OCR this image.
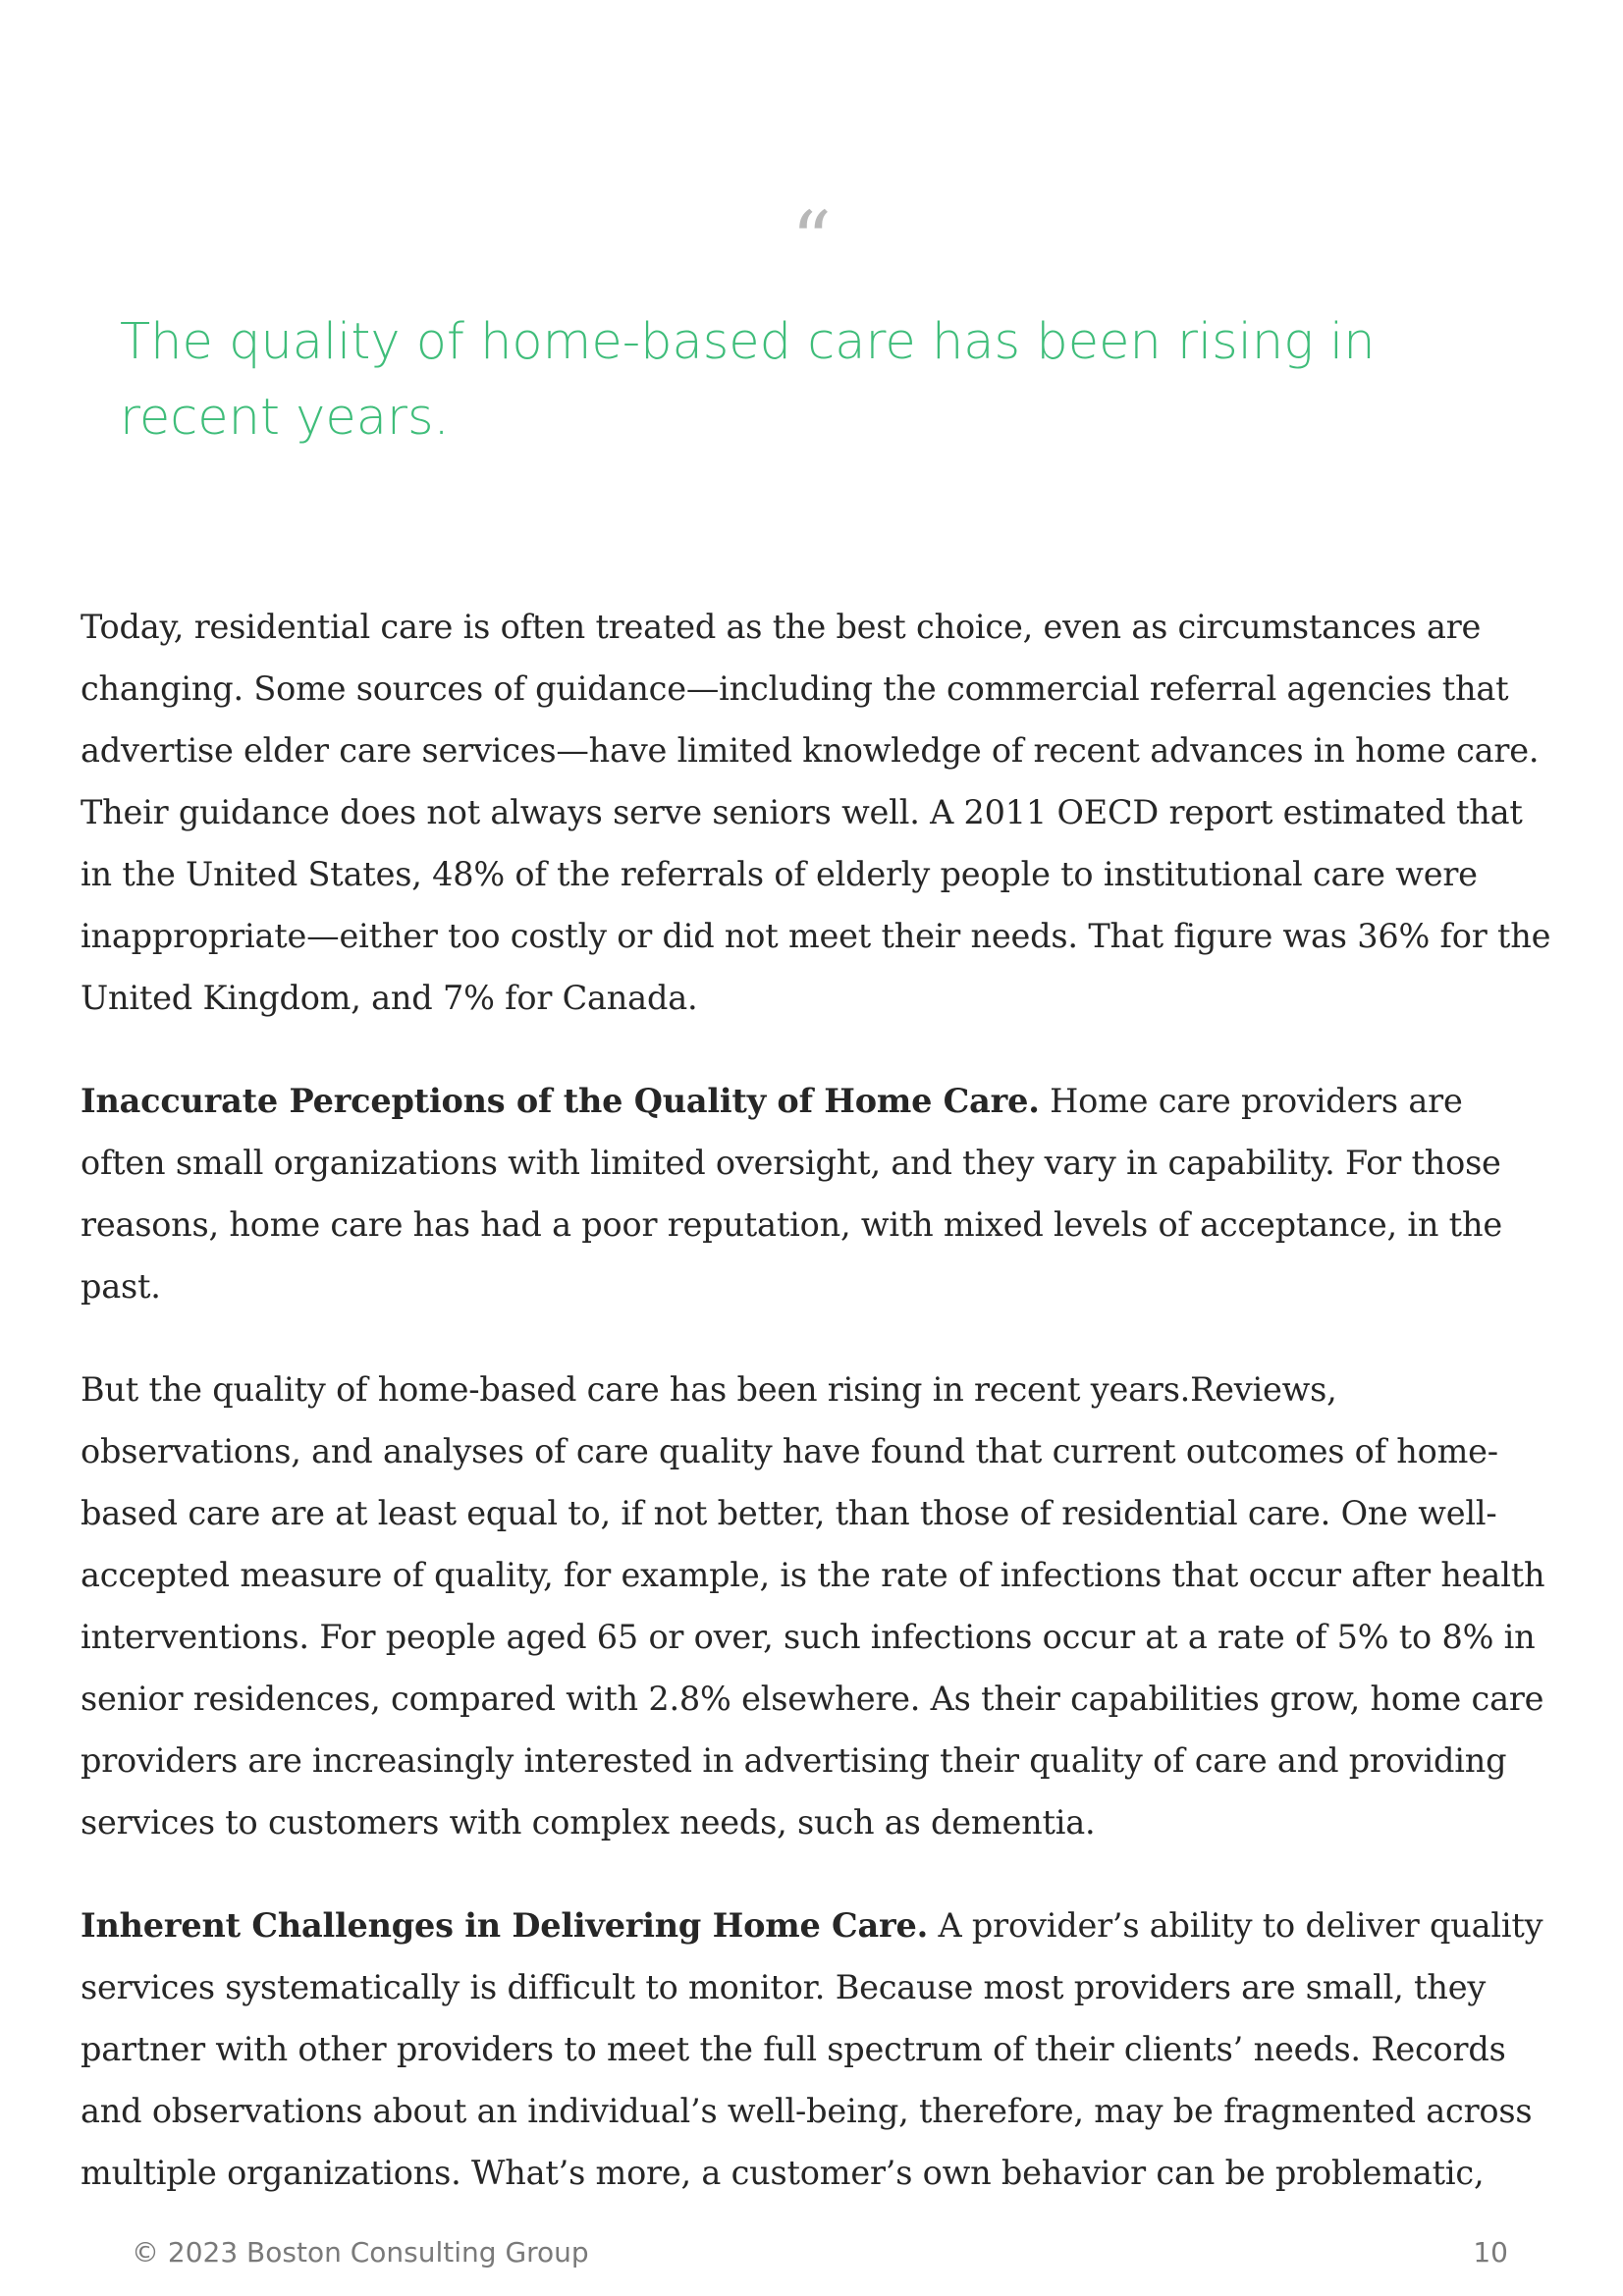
“

The quality of home-based care has been rising in recent years.

Today, residential care is often treated as the best choice, even as circumstances are changing. Some sources of guidance—including the commercial referral agencies that advertise elder care services—have limited knowledge of recent advances in home care. Their guidance does not always serve seniors well. A 2011 OECD report estimated that in the United States, 48% of the referrals of elderly people to institutional care were inappropriate—either too costly or did not meet their needs. That figure was 36% for the United Kingdom, and 7% for Canada.

Inaccurate Perceptions of the Quality of Home Care. Home care providers are often small organizations with limited oversight, and they vary in capability. For those reasons, home care has had a poor reputation, with mixed levels of acceptance, in the past.

But the quality of home-based care has been rising in recent years.Reviews, observations, and analyses of care quality have found that current outcomes of home-based care are at least equal to, if not better, than those of residential care. One well-accepted measure of quality, for example, is the rate of infections that occur after health interventions. For people aged 65 or over, such infections occur at a rate of 5% to 8% in senior residences, compared with 2.8% elsewhere. As their capabilities grow, home care providers are increasingly interested in advertising their quality of care and providing services to customers with complex needs, such as dementia.

Inherent Challenges in Delivering Home Care. A provider’s ability to deliver quality services systematically is difficult to monitor. Because most providers are small, they partner with other providers to meet the full spectrum of their clients’ needs. Records and observations about an individual’s well-being, therefore, may be fragmented across multiple organizations. What’s more, a customer’s own behavior can be problematic,

© 2023 Boston Consulting Group	10
